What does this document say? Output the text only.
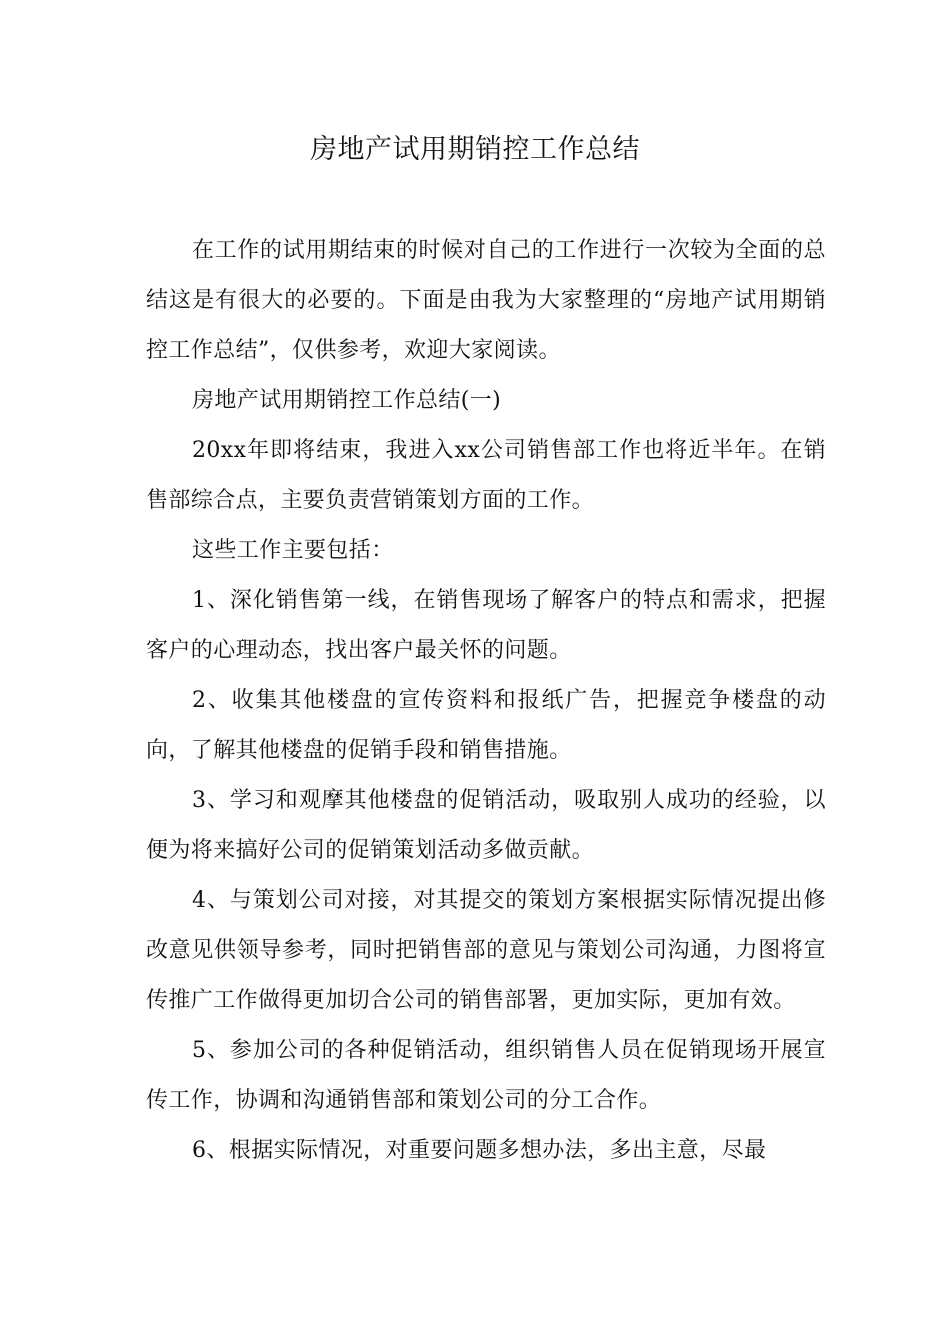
房地产试用期销控工作总结

在工作的试用期结束的时候对自己的工作进行一次较为全面的总结这是有很大的必要的。下面是由我为大家整理的“房地产试用期销控工作总结”，仅供参考，欢迎大家阅读。

房地产试用期销控工作总结(一)

20xx年即将结束，我进入xx公司销售部工作也将近半年。在销售部综合点，主要负责营销策划方面的工作。

这些工作主要包括：

1、深化销售第一线，在销售现场了解客户的特点和需求，把握客户的心理动态，找出客户最关怀的问题。

2、收集其他楼盘的宣传资料和报纸广告，把握竞争楼盘的动向，了解其他楼盘的促销手段和销售措施。

3、学习和观摩其他楼盘的促销活动，吸取别人成功的经验，以便为将来搞好公司的促销策划活动多做贡献。

4、与策划公司对接，对其提交的策划方案根据实际情况提出修改意见供领导参考，同时把销售部的意见与策划公司沟通，力图将宣传推广工作做得更加切合公司的销售部署，更加实际，更加有效。

5、参加公司的各种促销活动，组织销售人员在促销现场开展宣传工作，协调和沟通销售部和策划公司的分工合作。

6、根据实际情况，对重要问题多想办法，多出主意，尽最
